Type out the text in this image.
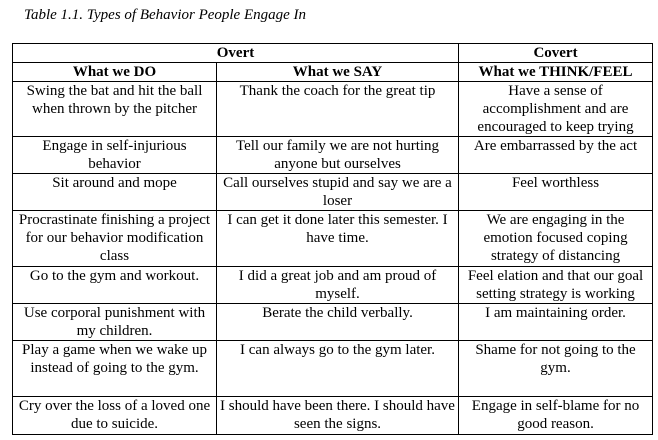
Table 1.1. Types of Behavior People Engage In
Overt		Covert
What we DO	What we SAY	What we THINK/FEEL
Swing the bat and hit the ball when thrown by the pitcher	Thank the coach for the great tip	Have a sense of accomplishment and are encouraged to keep trying
Engage in self-injurious behavior	Tell our family we are not hurting anyone but ourselves	Are embarrassed by the act
Sit around and mope	Call ourselves stupid and say we are a loser	Feel worthless
Procrastinate finishing a project for our behavior modification class	I can get it done later this semester. I have time.	We are engaging in the emotion focused coping strategy of distancing
Go to the gym and workout.	I did a great job and am proud of myself.	Feel elation and that our goal setting strategy is working
Use corporal punishment with my children.	Berate the child verbally.	I am maintaining order.
Play a game when we wake up instead of going to the gym.	I can always go to the gym later.	Shame for not going to the gym.
Cry over the loss of a loved one due to suicide.	I should have been there. I should have seen the signs.	Engage in self-blame for no good reason.
